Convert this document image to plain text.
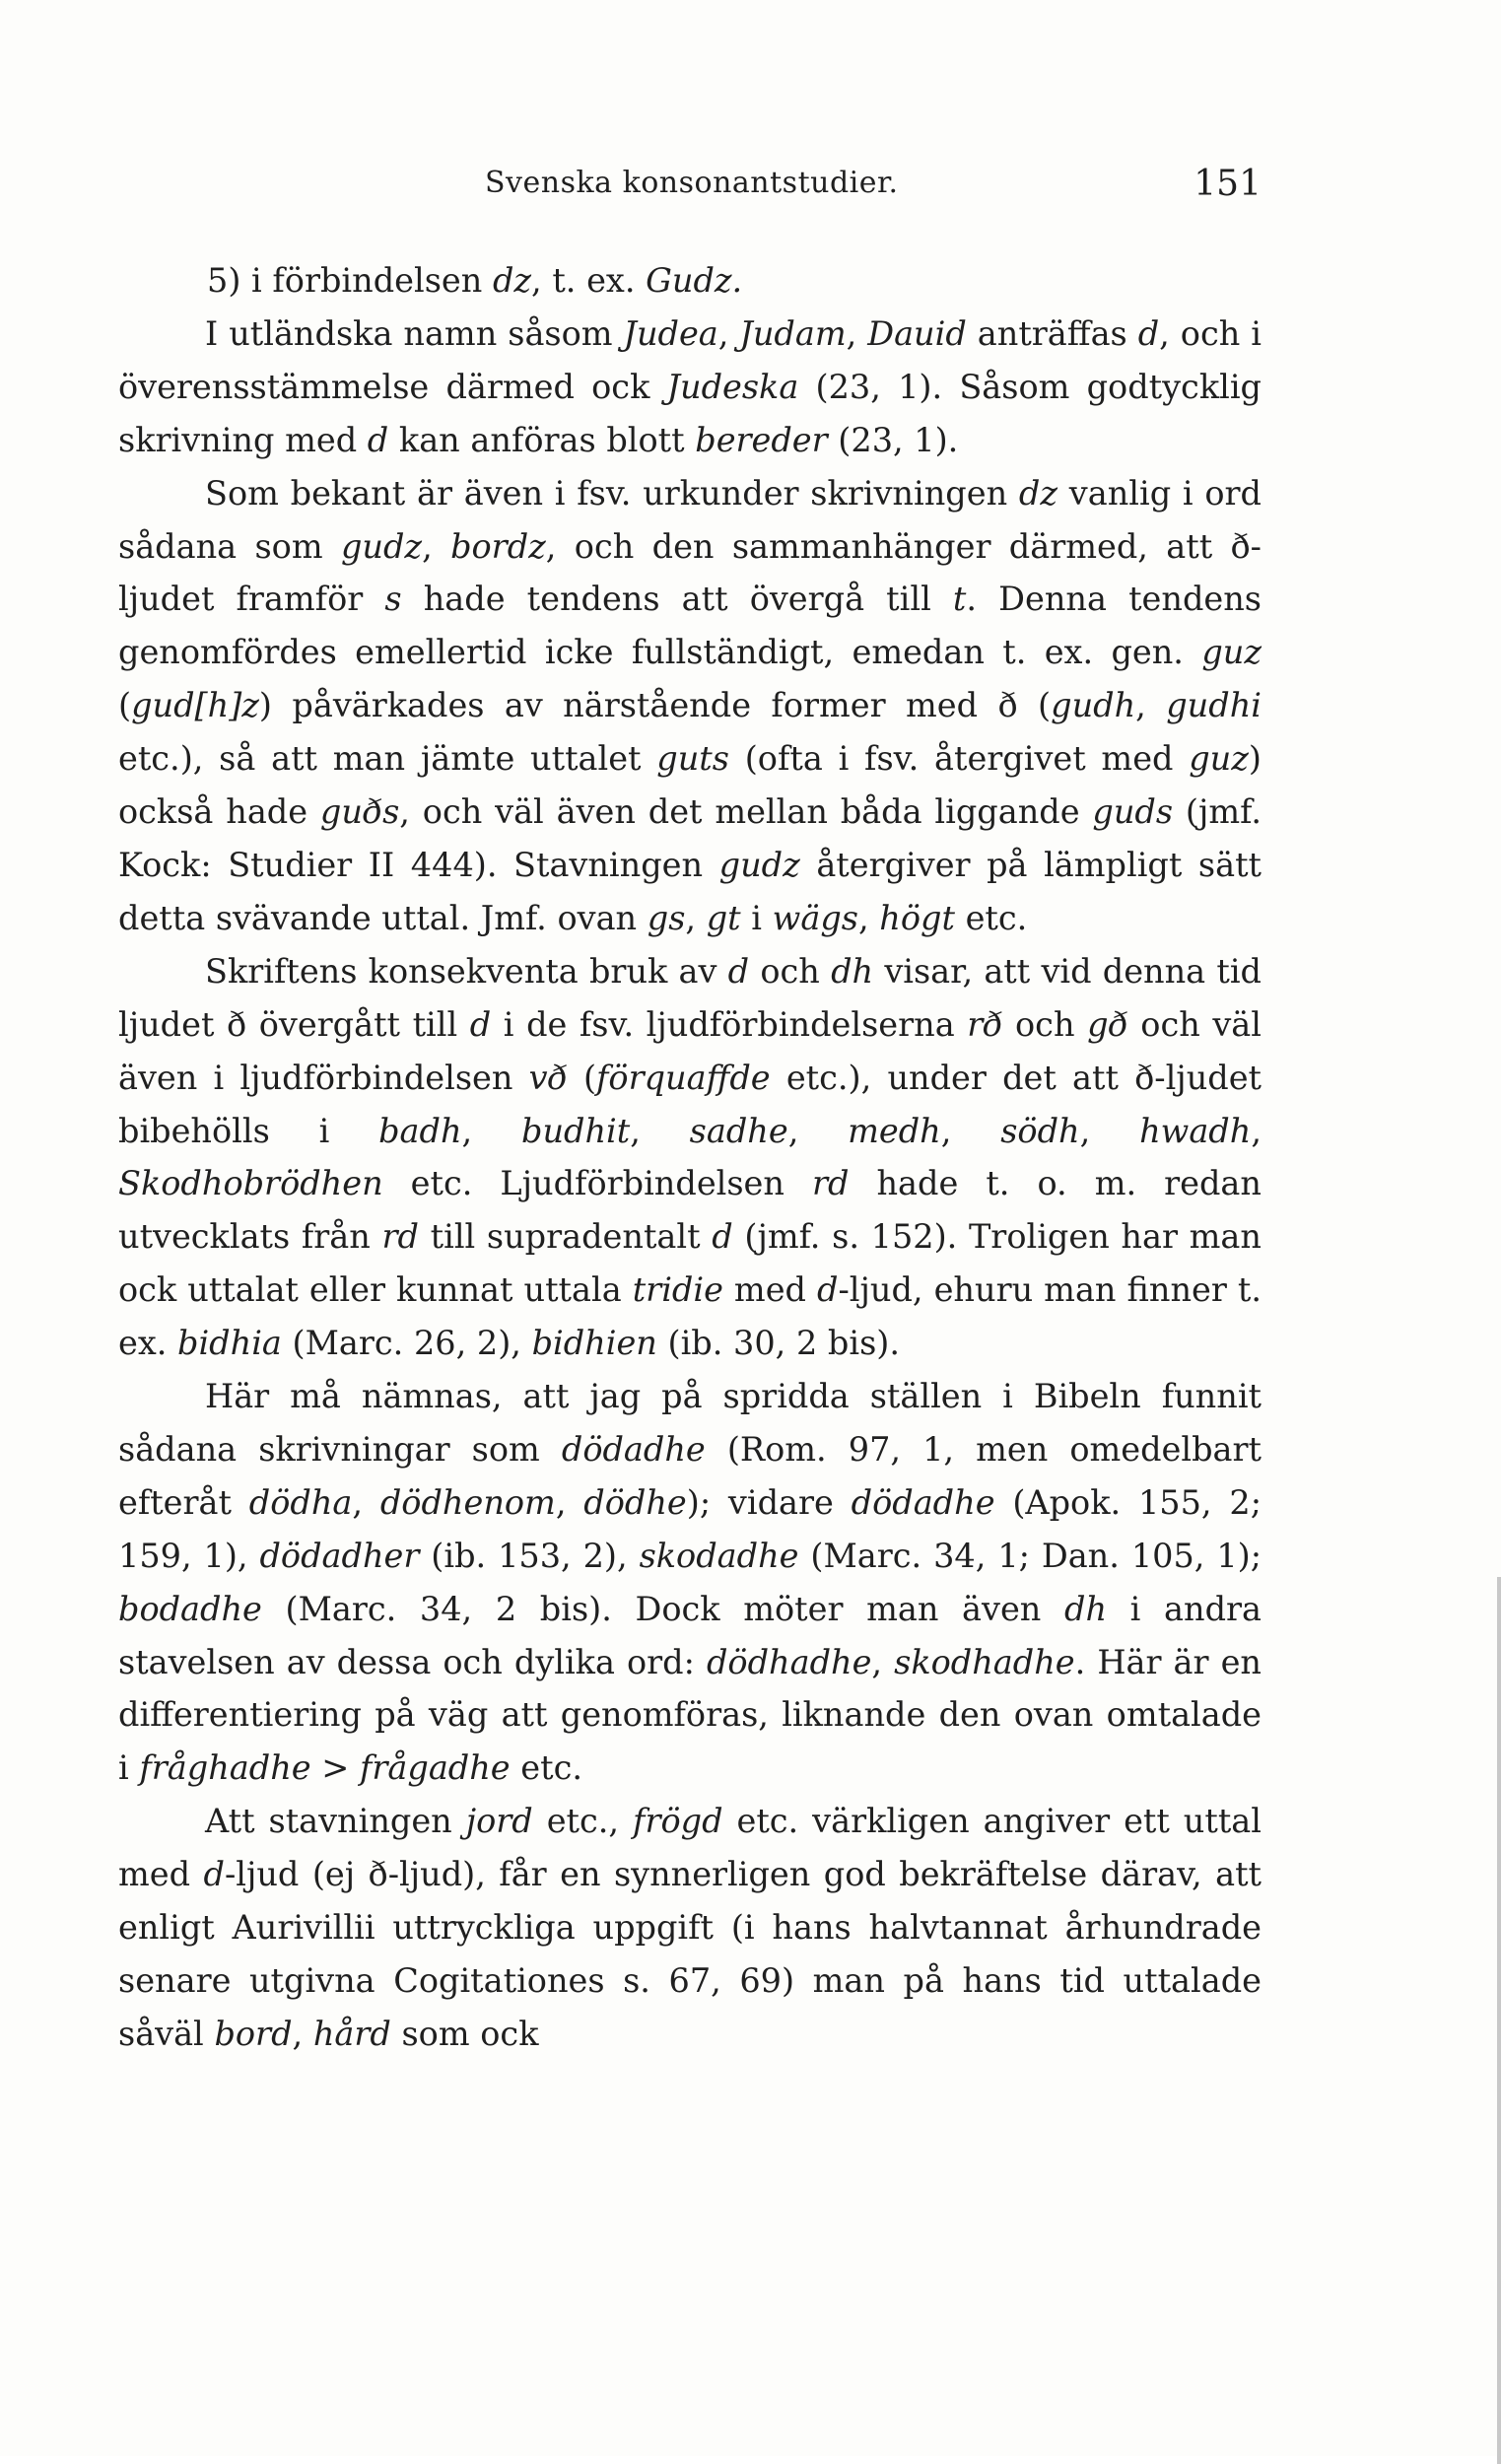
Svenska konsonantstudier.	151

5) i förbindelsen dz, t. ex. Gudz.

I utländska namn såsom Judea, Judam, Dauid anträffas d, och i överensstämmelse därmed ock Judeska (23, 1). Såsom godtycklig skrivning med d kan anföras blott bereder (23, 1).

Som bekant är även i fsv. urkunder skrivningen dz vanlig i ord sådana som gudz, bordz, och den sammanhänger därmed, att ð-ljudet framför s hade tendens att övergå till t. Denna tendens genomfördes emellertid icke fullständigt, emedan t. ex. gen. guz (gud[h]z) påvärkades av närstående former med ð (gudh, gudhi etc.), så att man jämte uttalet guts (ofta i fsv. återgivet med guz) också hade guðs, och väl även det mellan båda liggande guds (jmf. Kock: Studier II 444). Stavningen gudz återgiver på lämpligt sätt detta svävande uttal. Jmf. ovan gs, gt i wägs, högt etc.

Skriftens konsekventa bruk av d och dh visar, att vid denna tid ljudet ð övergått till d i de fsv. ljudförbindelserna rð och gð och väl även i ljudförbindelsen vð (förquaffde etc.), under det att ð-ljudet bibehölls i badh, budhit, sadhe, medh, södh, hwadh, Skodhobrödhen etc. Ljudförbindelsen rd hade t. o. m. redan utvecklats från rd till supradentalt d (jmf. s. 152). Troligen har man ock uttalat eller kunnat uttala tridie med d-ljud, ehuru man finner t. ex. bidhia (Marc. 26, 2), bidhien (ib. 30, 2 bis).

Här må nämnas, att jag på spridda ställen i Bibeln funnit sådana skrivningar som dödadhe (Rom. 97, 1, men omedelbart efteråt dödha, dödhenom, dödhe); vidare dödadhe (Apok. 155, 2; 159, 1), dödadher (ib. 153, 2), skodadhe (Marc. 34, 1; Dan. 105, 1); bodadhe (Marc. 34, 2 bis). Dock möter man även dh i andra stavelsen av dessa och dylika ord: dödhadhe, skodhadhe. Här är en differentiering på väg att genomföras, liknande den ovan omtalade i fråghadhe > frågadhe etc.

Att stavningen jord etc., frögd etc. värkligen angiver ett uttal med d-ljud (ej ð-ljud), får en synnerligen god bekräftelse därav, att enligt Aurivillii uttryckliga uppgift (i hans halvtannat århundrade senare utgivna Cogitationes s. 67, 69) man på hans tid uttalade såväl bord, hård som ock
